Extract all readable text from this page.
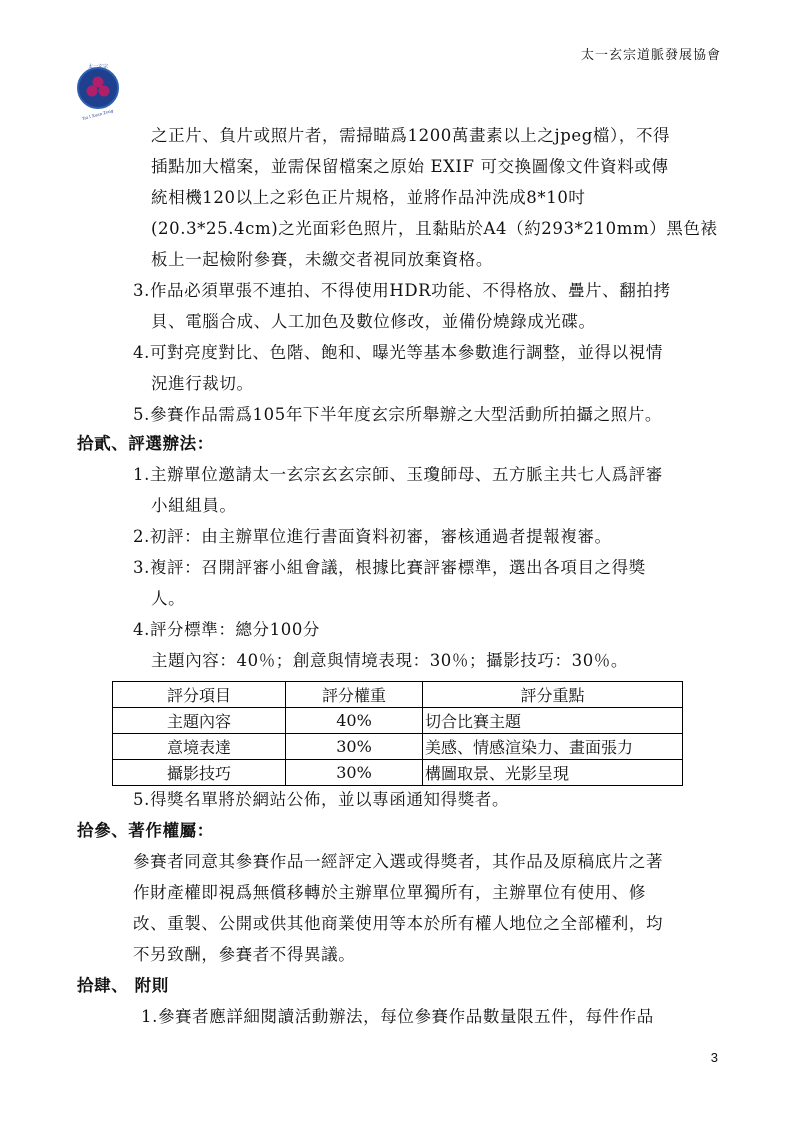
太一玄宗道脈發展協會
太一玄宗
Tai I Xuan Zong
之正片、負片或照片者，需掃瞄爲1200萬畫素以上之jpeg檔），不得
插點加大檔案，並需保留檔案之原始 EXIF 可交換圖像文件資料或傳
統相機120以上之彩色正片規格，並將作品沖洗成8*10吋
(20.3*25.4cm)之光面彩色照片，且黏貼於A4（約293*210mm）黑色裱
板上一起檢附參賽，未繳交者視同放棄資格。
3.作品必須單張不連拍、不得使用HDR功能、不得格放、疊片、翻拍拷
貝、電腦合成、人工加色及數位修改，並備份燒錄成光碟。
4.可對亮度對比、色階、飽和、曝光等基本參數進行調整，並得以視情
況進行裁切。
5.參賽作品需爲105年下半年度玄宗所舉辦之大型活動所拍攝之照片。
拾貳、評選辦法：
1.主辦單位邀請太一玄宗玄玄宗師、玉瓊師母、五方脈主共七人爲評審
小組組員。
2.初評：由主辦單位進行書面資料初審，審核通過者提報複審。
3.複評：召開評審小組會議，根據比賽評審標準，選出各項目之得獎
人。
4.評分標準：總分100分
主題內容：40％；創意與情境表現：30％；攝影技巧：30％。
評分項目	評分權重	評分重點
主題內容	40%	切合比賽主題
意境表達	30%	美感、情感渲染力、畫面張力
攝影技巧	30%	構圖取景、光影呈現
5.得獎名單將於網站公佈，並以專函通知得獎者。
拾參、著作權屬：
參賽者同意其參賽作品一經評定入選或得獎者，其作品及原稿底片之著
作財產權即視爲無償移轉於主辦單位單獨所有，主辦單位有使用、修
改、重製、公開或供其他商業使用等本於所有權人地位之全部權利，均
不另致酬，參賽者不得異議。
拾肆、 附則
1.參賽者應詳細閱讀活動辦法，每位參賽作品數量限五件，每件作品
3
